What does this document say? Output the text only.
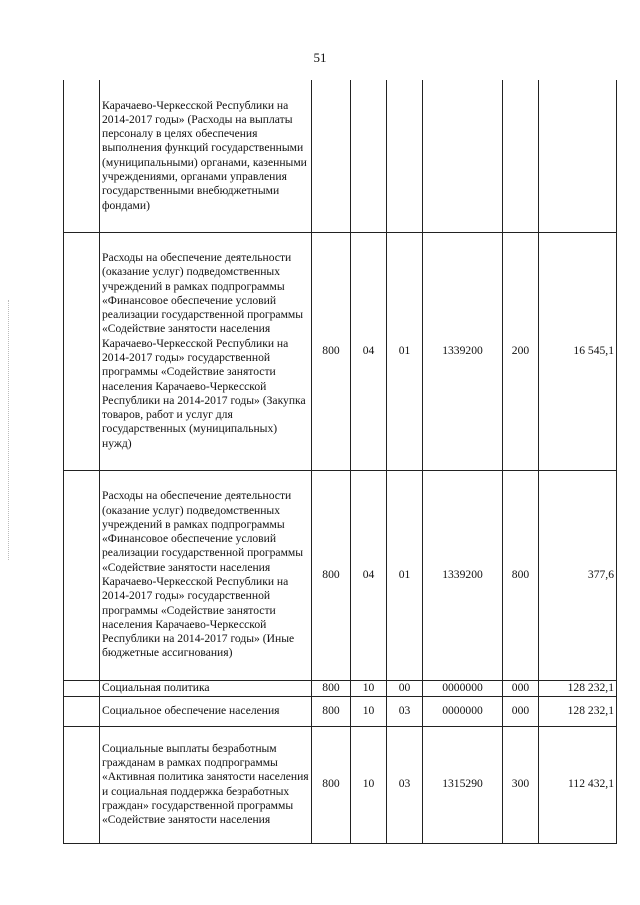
51

	Карачаево-Черкесской Республики на 2014-2017 годы» (Расходы на выплаты персоналу в целях обеспечения выполнения функций государственными (муниципальными) органами, казенными учреждениями, органами управления государственными внебюджетными фондами)						

	Расходы на обеспечение деятельности (оказание услуг) подведомственных учреждений в рамках подпрограммы «Финансовое обеспечение условий реализации государственной программы «Содействие занятости населения Карачаево-Черкесской Республики на 2014-2017 годы» государственной программы «Содействие занятости населения Карачаево-Черкесской Республики на 2014-2017 годы» (Закупка товаров, работ и услуг для государственных (муниципальных) нужд)	800	04	01	1339200	200	16 545,1

	Расходы на обеспечение деятельности (оказание услуг) подведомственных учреждений в рамках подпрограммы «Финансовое обеспечение условий реализации государственной программы «Содействие занятости населения Карачаево-Черкесской Республики на 2014-2017 годы» государственной программы «Содействие занятости населения Карачаево-Черкесской Республики на 2014-2017 годы» (Иные бюджетные ассигнования)	800	04	01	1339200	800	377,6

	Социальная политика	800	10	00	0000000	000	128 232,1

	Социальное обеспечение населения	800	10	03	0000000	000	128 232,1

	Социальные выплаты безработным гражданам в рамках подпрограммы «Активная политика занятости населения и социальная поддержка безработных граждан» государственной программы «Содействие занятости населения	800	10	03	1315290	300	112 432,1
